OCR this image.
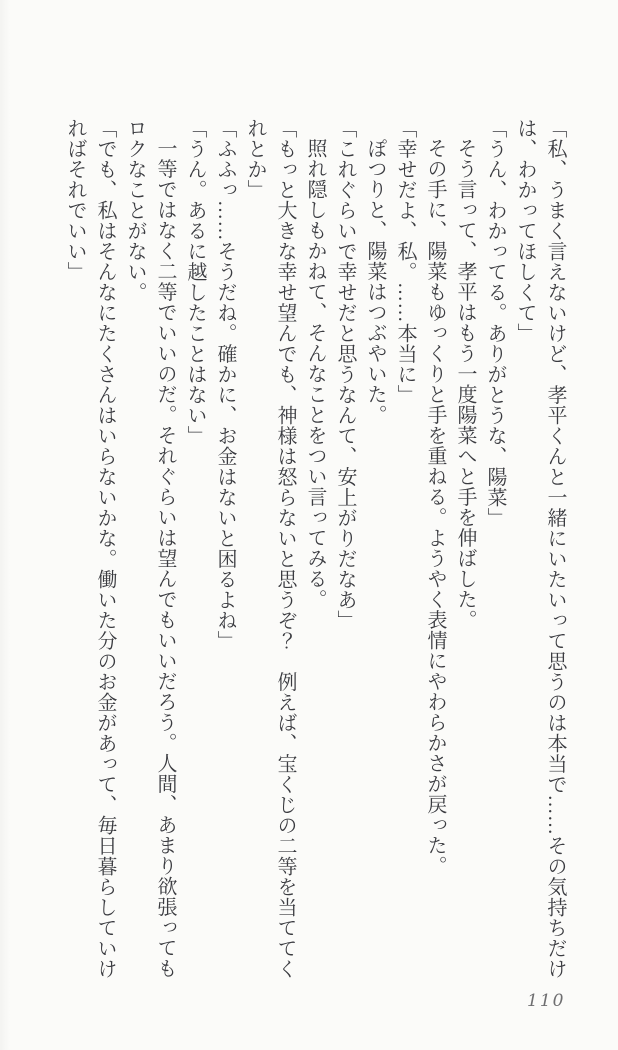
「私、うまく言えないけど、孝平くんと一緒にいたいって思うのは本当で……その気持ちだけ

は、わかってほしくて」

「うん、わかってる。ありがとうな、陽菜」

そう言って、孝平はもう一度陽菜へと手を伸ばした。

その手に、陽菜もゆっくりと手を重ねる。ようやく表情にやわらかさが戻った。

「幸せだよ、私。……本当に」

ぽつりと、陽菜はつぶやいた。

「これぐらいで幸せだと思うなんて、安上がりだなあ」

照れ隠しもかねて、そんなことをつい言ってみる。

「もっと大きな幸せ望んでも、神様は怒らないと思うぞ？　例えば、宝くじの二等を当ててく

れとか」

「ふふっ……そうだね。確かに、お金はないと困るよね」

「うん。あるに越したことはない」

一等ではなく二等でいいのだ。それぐらいは望んでもいいだろう。人間、あまり欲張っても

ロクなことがない。

「でも、私はそんなにたくさんはいらないかな。働いた分のお金があって、毎日暮らしていけ

ればそれでいい」

110
